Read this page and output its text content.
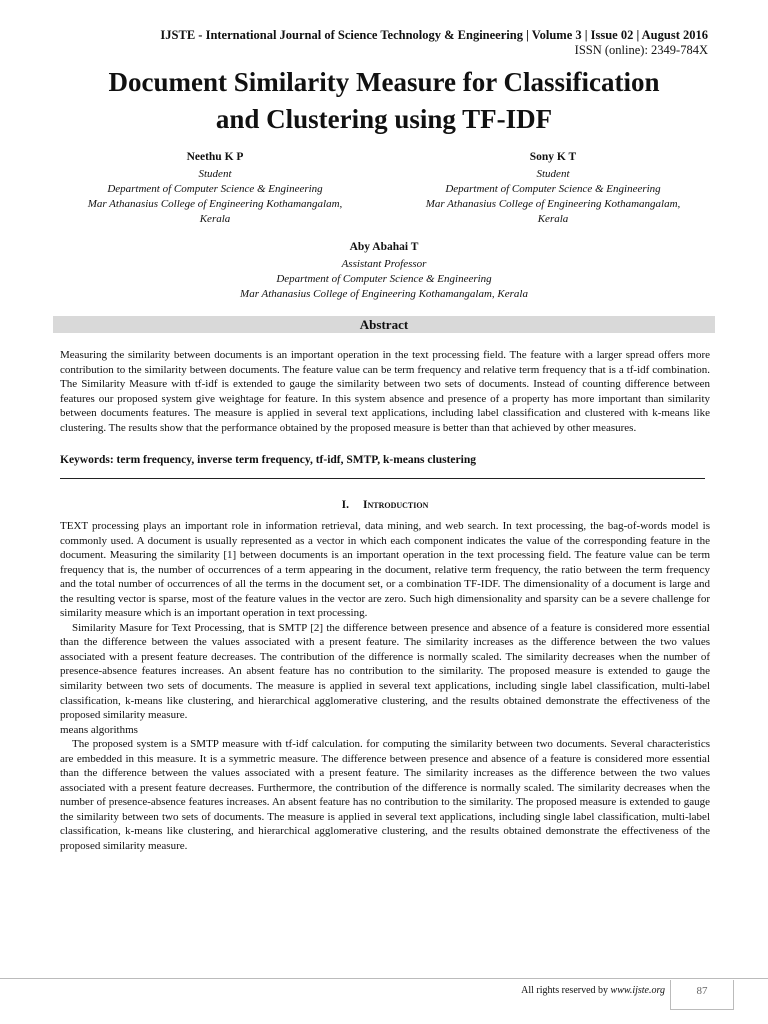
IJSTE - International Journal of Science Technology & Engineering | Volume 3 | Issue 02 | August 2016
ISSN (online): 2349-784X
Document Similarity Measure for Classification
and Clustering using TF-IDF
Neethu K P
Student
Department of Computer Science & Engineering
Mar Athanasius College of Engineering Kothamangalam,
Kerala
Sony K T
Student
Department of Computer Science & Engineering
Mar Athanasius College of Engineering Kothamangalam,
Kerala
Aby Abahai T
Assistant Professor
Department of Computer Science & Engineering
Mar Athanasius College of Engineering Kothamangalam, Kerala
Abstract
Measuring the similarity between documents is an important operation in the text processing field. The feature with a larger spread offers more contribution to the similarity between documents. The feature value can be term frequency and relative term frequency that is a tf-idf combination. The Similarity Measure with tf-idf is extended to gauge the similarity between two sets of documents. Instead of counting difference between features our proposed system give weightage for feature. In this system absence and presence of a property has more important than similarity between documents features. The measure is applied in several text applications, including label classification and clustered with k-means like clustering. The results show that the performance obtained by the proposed measure is better than that achieved by other measures.
Keywords: term frequency, inverse term frequency, tf-idf, SMTP, k-means clustering
I. Introduction

TEXT processing plays an important role in information retrieval, data mining, and web search. In text processing, the bag-of-words model is commonly used. A document is usually represented as a vector in which each component indicates the value of the corresponding feature in the document. Measuring the similarity [1] between documents is an important operation in the text processing field. The feature value can be term frequency that is, the number of occurrences of a term appearing in the document, relative term frequency, the ratio between the term frequency and the total number of occurrences of all the terms in the document set, or a combination TF-IDF. The dimensionality of a document is large and the resulting vector is sparse, most of the feature values in the vector are zero. Such high dimensionality and sparsity can be a severe challenge for similarity measure which is an important operation in text processing.

Similarity Masure for Text Processing, that is SMTP [2] the difference between presence and absence of a feature is considered more essential than the difference between the values associated with a present feature. The similarity increases as the difference between the two values associated with a present feature decreases. The contribution of the difference is normally scaled. The similarity decreases when the number of presence-absence features increases. An absent feature has no contribution to the similarity. The proposed measure is extended to gauge the similarity between two sets of documents. The measure is applied in several text applications, including single label classification, multi-label classification, k-means like clustering, and hierarchical agglomerative clustering, and the results obtained demonstrate the effectiveness of the proposed similarity measure.

means algorithms

The proposed system is a SMTP measure with tf-idf calculation. for computing the similarity between two documents. Several characteristics are embedded in this measure. It is a symmetric measure. The difference between presence and absence of a feature is considered more essential than the difference between the values associated with a present feature. The similarity increases as the difference between the two values associated with a present feature decreases. Furthermore, the contribution of the difference is normally scaled. The similarity decreases when the number of presence-absence features increases. An absent feature has no contribution to the similarity. The proposed measure is extended to gauge the similarity between two sets of documents. The measure is applied in several text applications, including single label classification, multi-label classification, k-means like clustering, and hierarchical agglomerative clustering, and the results obtained demonstrate the effectiveness of the proposed similarity measure.

All rights reserved by www.ijste.org	87
